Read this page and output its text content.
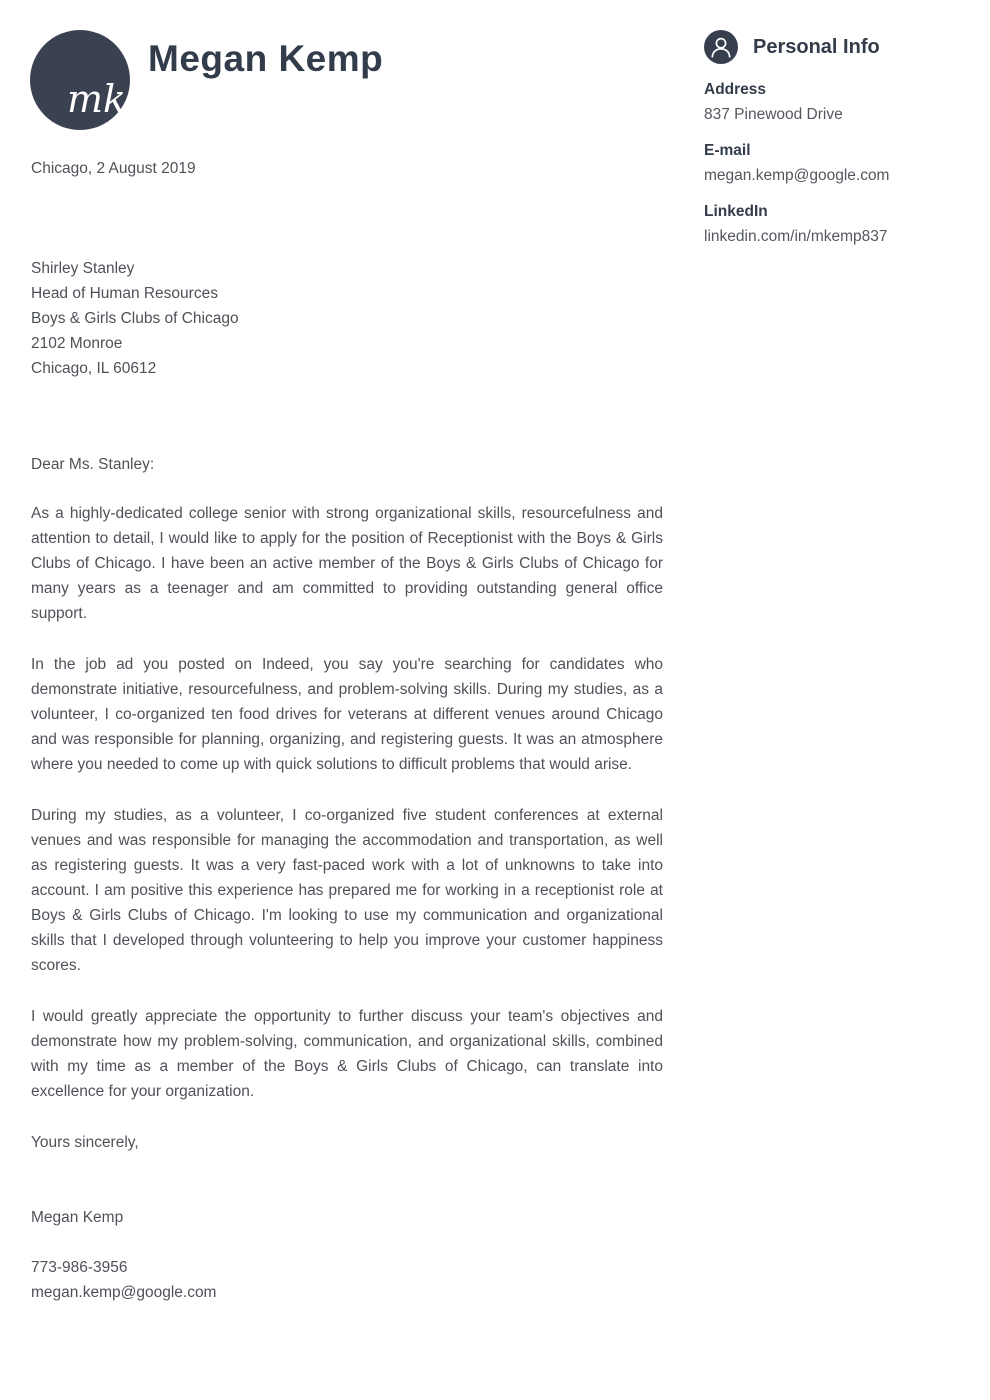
mk
Megan Kemp	Personal Info
Address
837 Pinewood Drive
E-mail
megan.kemp@google.com
LinkedIn
linkedin.com/in/mkemp837

Chicago, 2 August 2019

Shirley Stanley

Head of Human Resources

Boys & Girls Clubs of Chicago

2102 Monroe

Chicago, IL 60612

Dear Ms. Stanley:

As a highly-dedicated college senior with strong organizational skills, resourcefulness and attention to detail, I would like to apply for the position of Receptionist with the Boys & Girls Clubs of Chicago. I have been an active member of the Boys & Girls Clubs of Chicago for many years as a teenager and am committed to providing outstanding general office support.

In the job ad you posted on Indeed, you say you're searching for candidates who demonstrate initiative, resourcefulness, and problem-solving skills. During my studies, as a volunteer, I co-organized ten food drives for veterans at different venues around Chicago and was responsible for planning, organizing, and registering guests. It was an atmosphere where you needed to come up with quick solutions to difficult problems that would arise.

During my studies, as a volunteer, I co-organized five student conferences at external venues and was responsible for managing the accommodation and transportation, as well as registering guests. It was a very fast-paced work with a lot of unknowns to take into account. I am positive this experience has prepared me for working in a receptionist role at Boys & Girls Clubs of Chicago. I'm looking to use my communication and organizational skills that I developed through volunteering to help you improve your customer happiness scores.

I would greatly appreciate the opportunity to further discuss your team's objectives and demonstrate how my problem-solving, communication, and organizational skills, combined with my time as a member of the Boys & Girls Clubs of Chicago, can translate into excellence for your organization.

Yours sincerely,

Megan Kemp

773-986-3956

megan.kemp@google.com
